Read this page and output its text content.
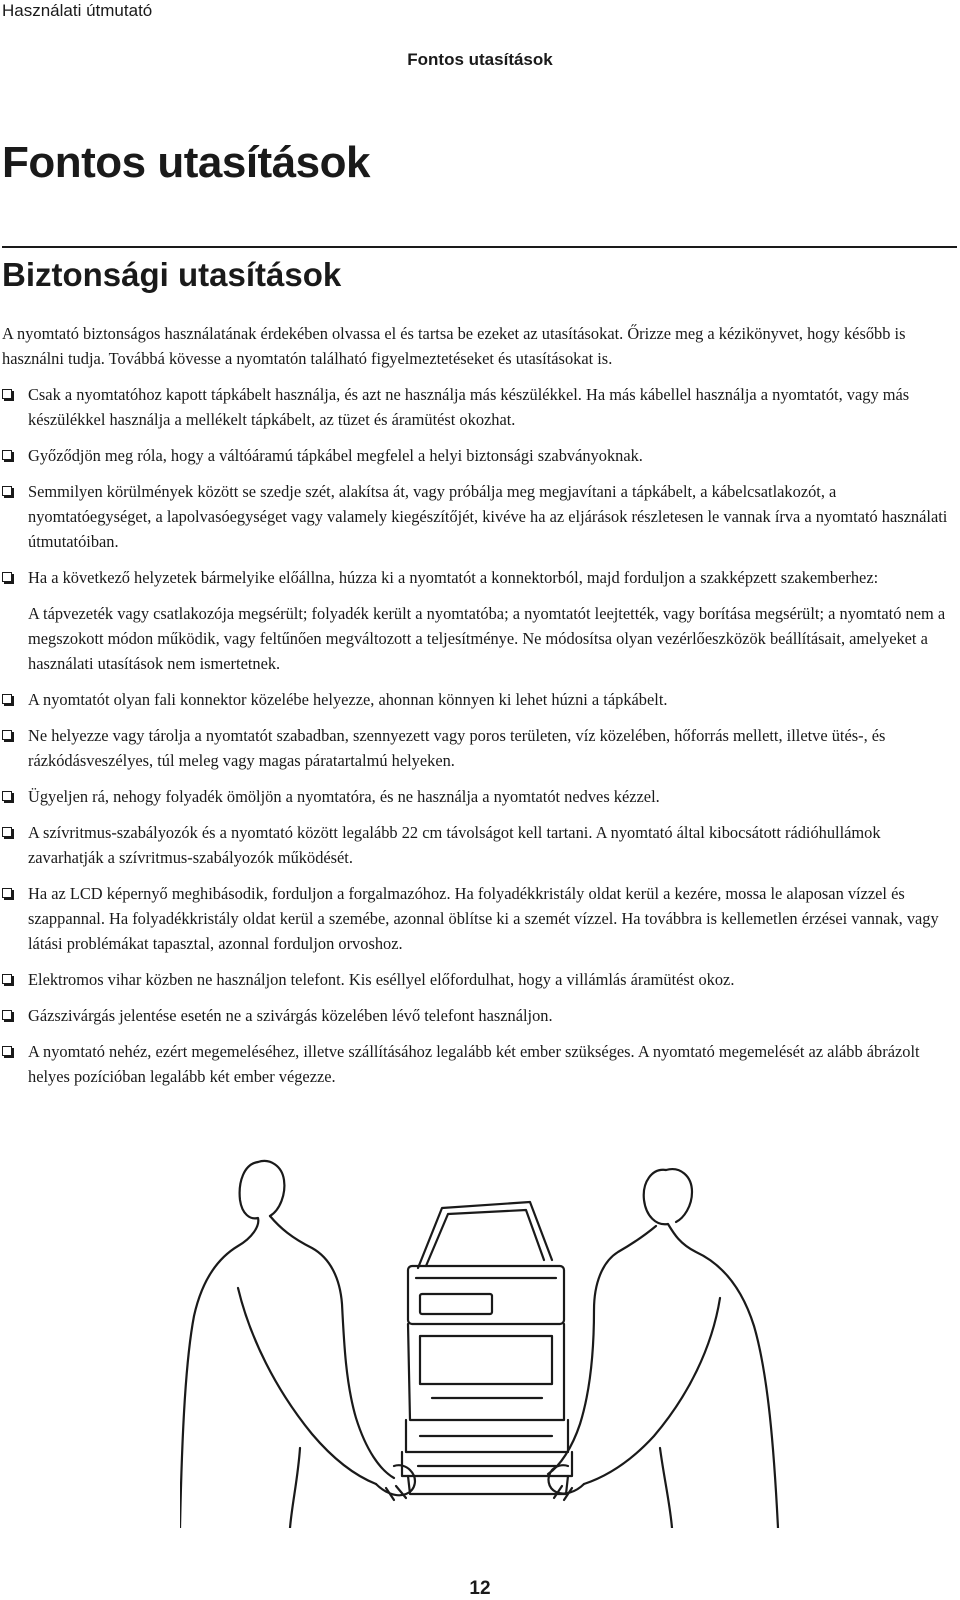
Használati útmutató
Fontos utasítások
Fontos utasítások
Biztonsági utasítások

A nyomtató biztonságos használatának érdekében olvassa el és tartsa be ezeket az utasításokat. Őrizze meg a kézikönyvet, hogy később is használni tudja. Továbbá kövesse a nyomtatón található figyelmeztetéseket és utasításokat is.

Csak a nyomtatóhoz kapott tápkábelt használja, és azt ne használja más készülékkel. Ha más kábellel használja a nyomtatót, vagy más készülékkel használja a mellékelt tápkábelt, az tüzet és áramütést okozhat.

Győződjön meg róla, hogy a váltóáramú tápkábel megfelel a helyi biztonsági szabványoknak.

Semmilyen körülmények között se szedje szét, alakítsa át, vagy próbálja meg megjavítani a tápkábelt, a kábelcsatlakozót, a nyomtatóegységet, a lapolvasóegységet vagy valamely kiegészítőjét, kivéve ha az eljárások részletesen le vannak írva a nyomtató használati útmutatóiban.

Ha a következő helyzetek bármelyike előállna, húzza ki a nyomtatót a konnektorból, majd forduljon a szakképzett szakemberhez:

A tápvezeték vagy csatlakozója megsérült; folyadék került a nyomtatóba; a nyomtatót leejtették, vagy borítása megsérült; a nyomtató nem a megszokott módon működik, vagy feltűnően megváltozott a teljesítménye. Ne módosítsa olyan vezérlőeszközök beállításait, amelyeket a használati utasítások nem ismertetnek.

A nyomtatót olyan fali konnektor közelébe helyezze, ahonnan könnyen ki lehet húzni a tápkábelt.

Ne helyezze vagy tárolja a nyomtatót szabadban, szennyezett vagy poros területen, víz közelében, hőforrás mellett, illetve ütés-, és rázkódásveszélyes, túl meleg vagy magas páratartalmú helyeken.

Ügyeljen rá, nehogy folyadék ömöljön a nyomtatóra, és ne használja a nyomtatót nedves kézzel.

A szívritmus-szabályozók és a nyomtató között legalább 22 cm távolságot kell tartani. A nyomtató által kibocsátott rádióhullámok zavarhatják a szívritmus-szabályozók működését.

Ha az LCD képernyő meghibásodik, forduljon a forgalmazóhoz. Ha folyadékkristály oldat kerül a kezére, mossa le alaposan vízzel és szappannal. Ha folyadékkristály oldat kerül a szemébe, azonnal öblítse ki a szemét vízzel. Ha továbbra is kellemetlen érzései vannak, vagy látási problémákat tapasztal, azonnal forduljon orvoshoz.

Elektromos vihar közben ne használjon telefont. Kis eséllyel előfordulhat, hogy a villámlás áramütést okoz.

Gázszivárgás jelentése esetén ne a szivárgás közelében lévő telefont használjon.

A nyomtató nehéz, ezért megemeléséhez, illetve szállításához legalább két ember szükséges. A nyomtató megemelését az alább ábrázolt helyes pozícióban legalább két ember végezze.

12
